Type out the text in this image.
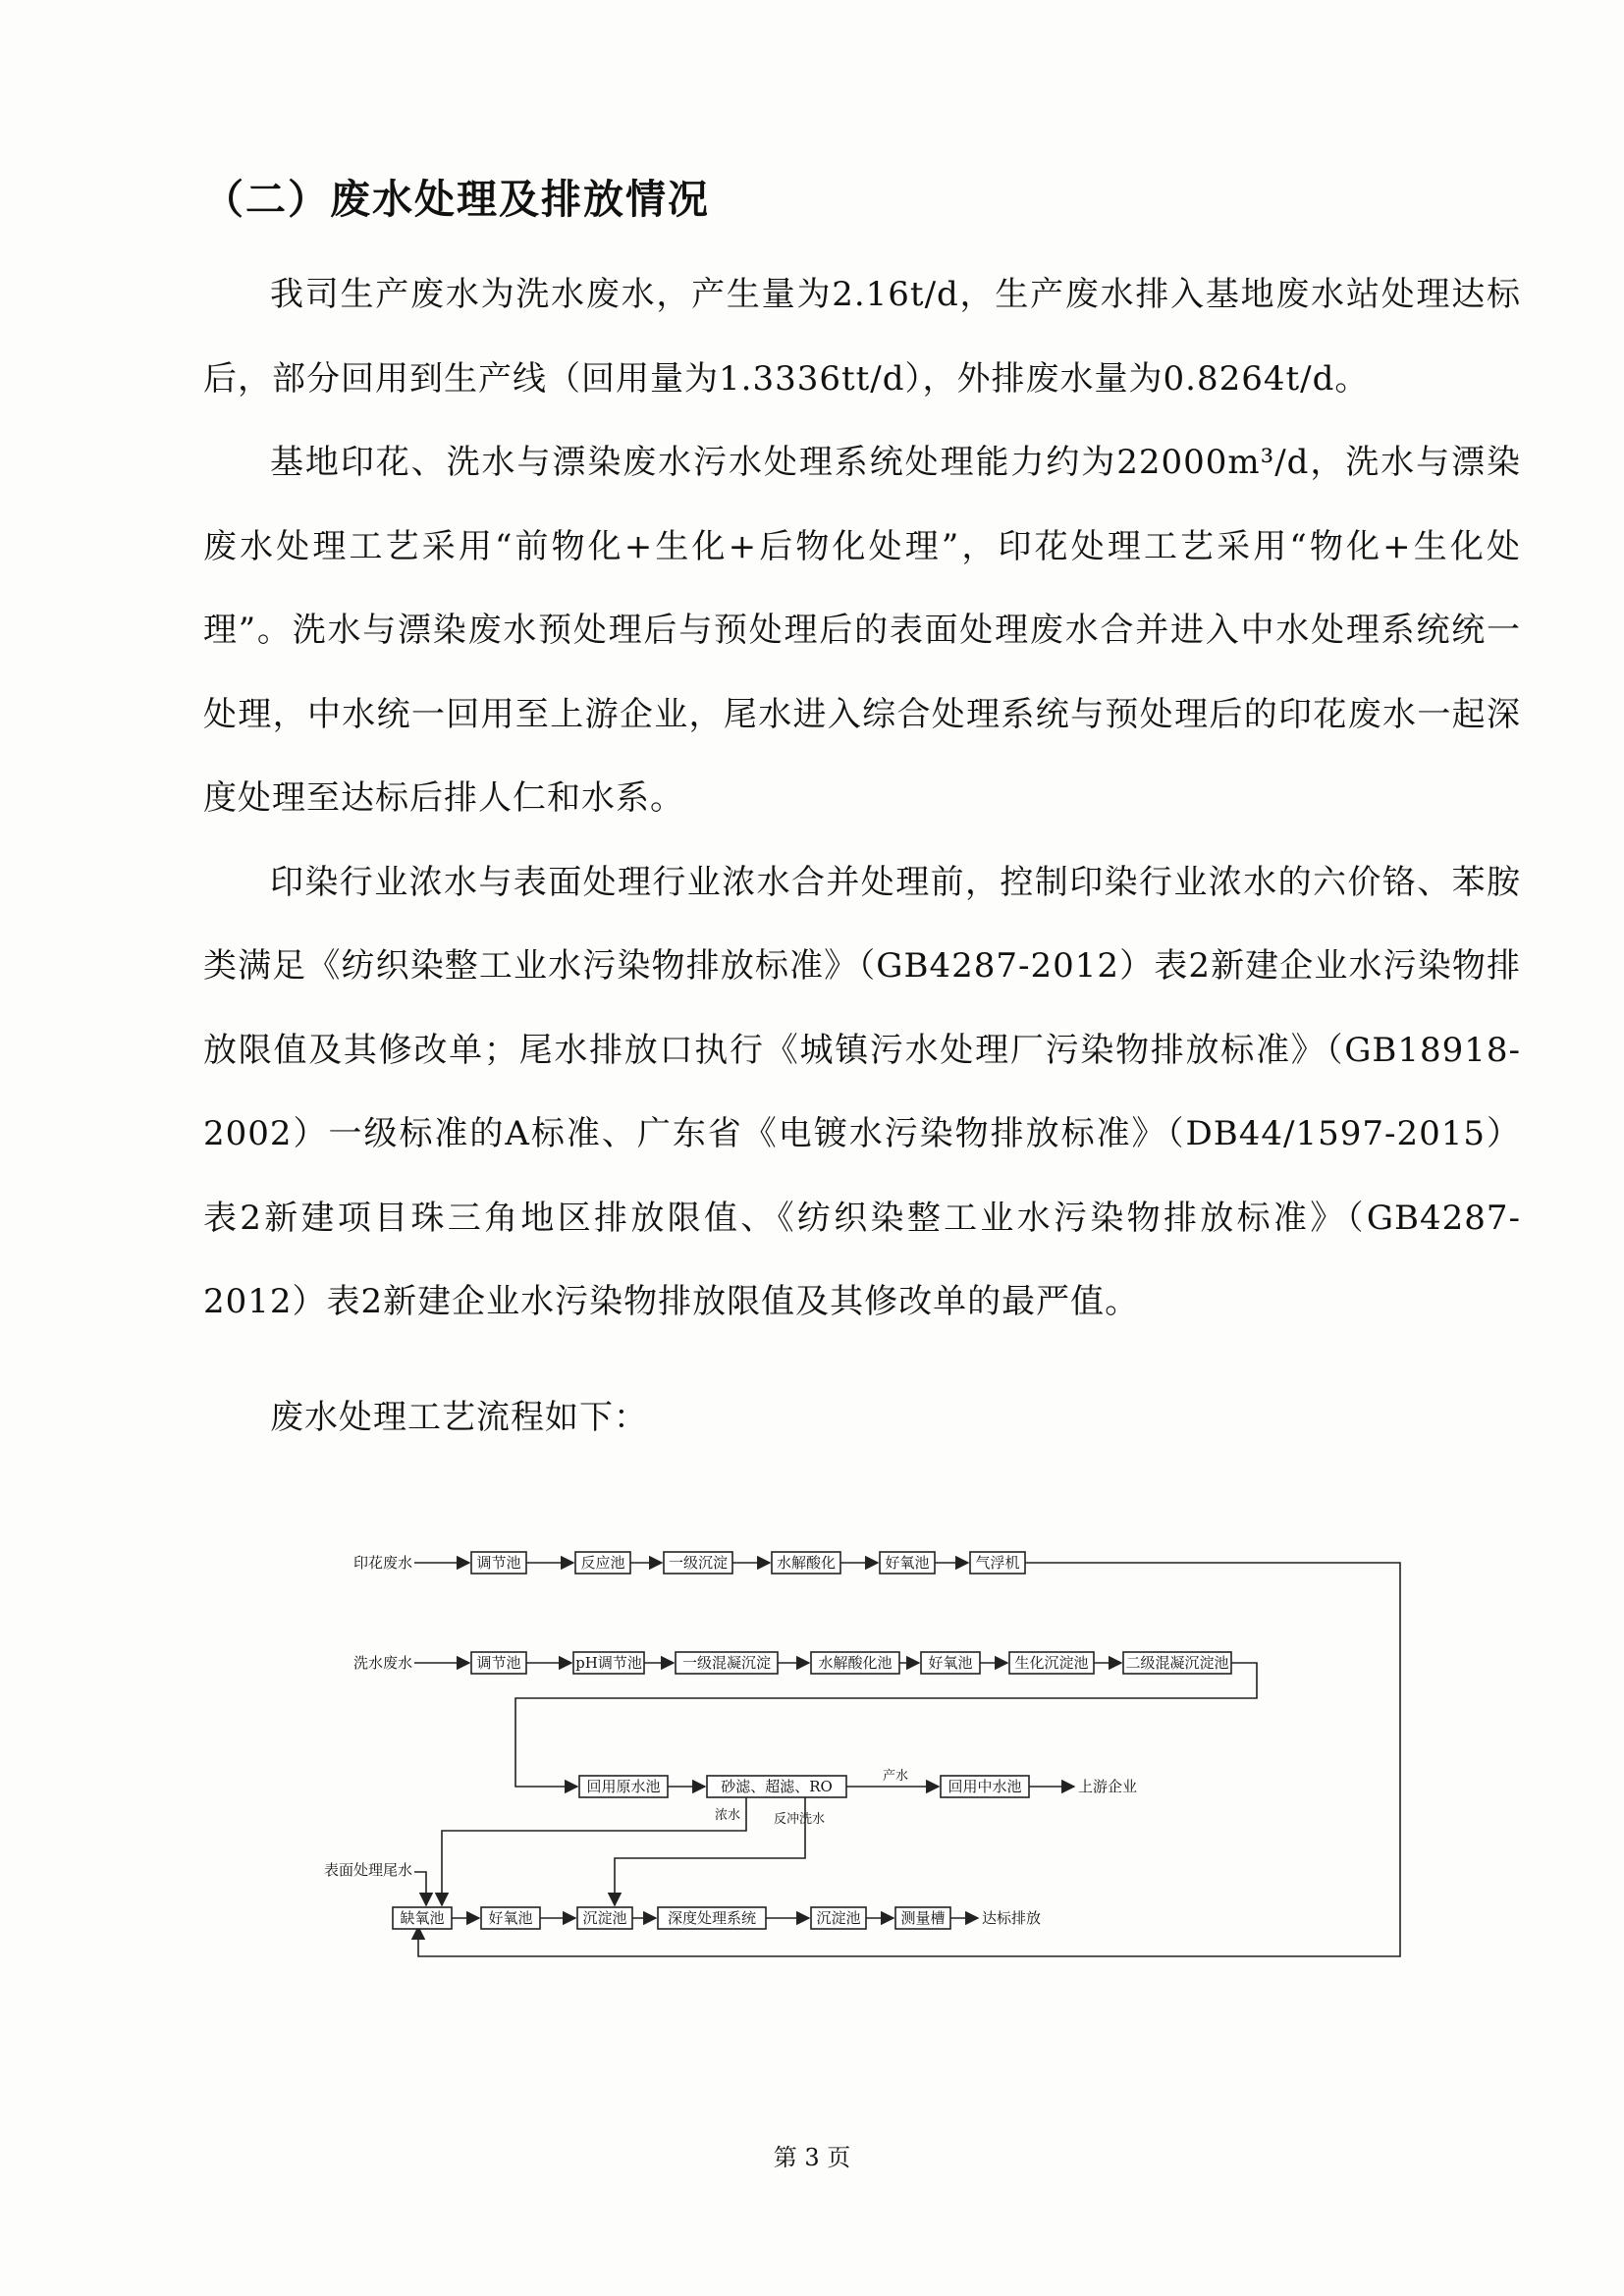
（二）废水处理及排放情况

我司生产废水为洗水废水，产生量为2.16t/d，生产废水排入基地废水站处理达标后，部分回用到生产线（回用量为1.3336tt/d），外排废水量为0.8264t/d。

基地印花、洗水与漂染废水污水处理系统处理能力约为22000m³/d，洗水与漂染废水处理工艺采用“前物化+生化+后物化处理”，印花处理工艺采用“物化+生化处理”。洗水与漂染废水预处理后与预处理后的表面处理废水合并进入中水处理系统统一处理，中水统一回用至上游企业，尾水进入综合处理系统与预处理后的印花废水一起深度处理至达标后排人仁和水系。

印染行业浓水与表面处理行业浓水合并处理前，控制印染行业浓水的六价铬、苯胺类满足《纺织染整工业水污染物排放标准》（GB4287-2012）表2新建企业水污染物排放限值及其修改单；尾水排放口执行《城镇污水处理厂污染物排放标准》（GB18918-2002）一级标准的A标准、广东省《电镀水污染物排放标准》（DB44/1597-2015）表2新建项目珠三角地区排放限值、《纺织染整工业水污染物排放标准》（GB4287-2012）表2新建企业水污染物排放限值及其修改单的最严值。

废水处理工艺流程如下：

印花废水	调节池	反应池	一级沉淀	水解酸化	好氧池	气浮机
洗水废水	调节池	pH调节池	一级混凝沉淀	水解酸化池 好氧池	生化沉淀池	二级混凝沉淀池
回用原水池	砂滤、超滤、RO
产水
回用中水池	上游企业
浓水	反冲洗水
表面处理尾水
缺氧池	好氧池	沉淀池	深度处理系统	沉淀池	测量槽 达标排放

第 3 页
